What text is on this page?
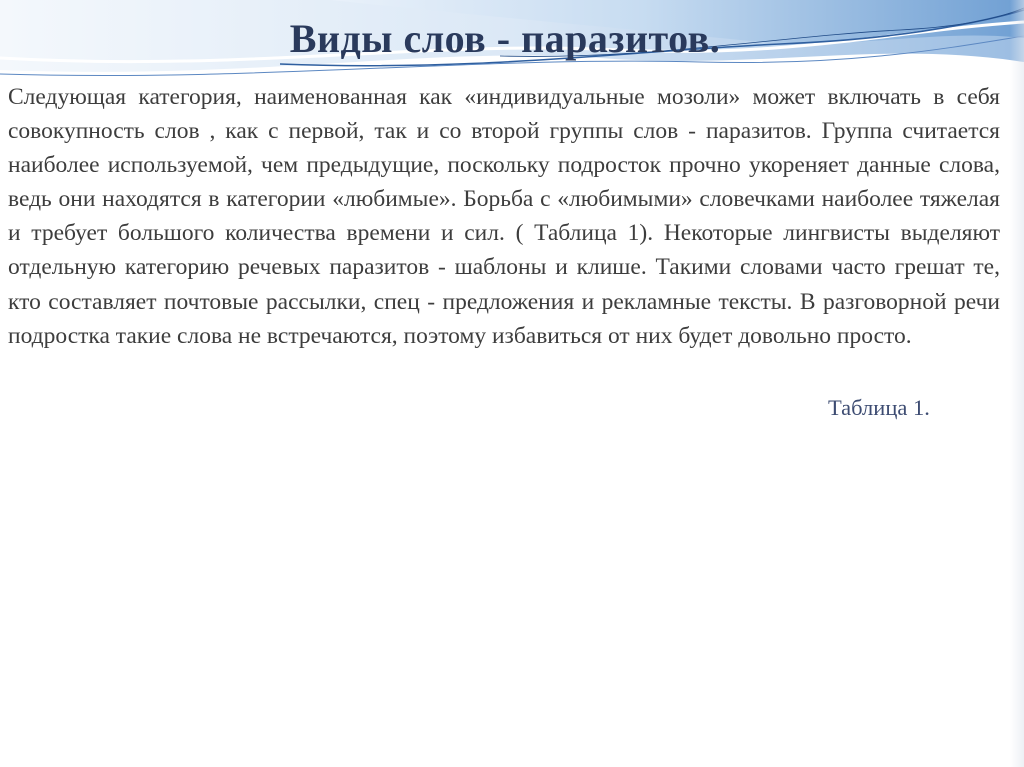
Виды слов - паразитов.

Следующая категория, наименованная как «индивидуальные мозоли» может включать в себя совокупность слов , как с первой, так и со второй группы слов - паразитов. Группа считается наиболее используемой, чем предыдущие, поскольку подросток прочно укореняет данные слова, ведь они находятся в категории «любимые». Борьба с «любимыми» словечками наиболее тяжелая и требует большого количества времени и сил. ( Таблица 1). Некоторые лингвисты выделяют отдельную категорию речевых паразитов - шаблоны и клише. Такими словами часто грешат те, кто составляет почтовые рассылки, спец - предложения и рекламные тексты. В разговорной речи подростка такие слова не встречаются, поэтому избавиться от них будет довольно просто.

Таблица 1.
